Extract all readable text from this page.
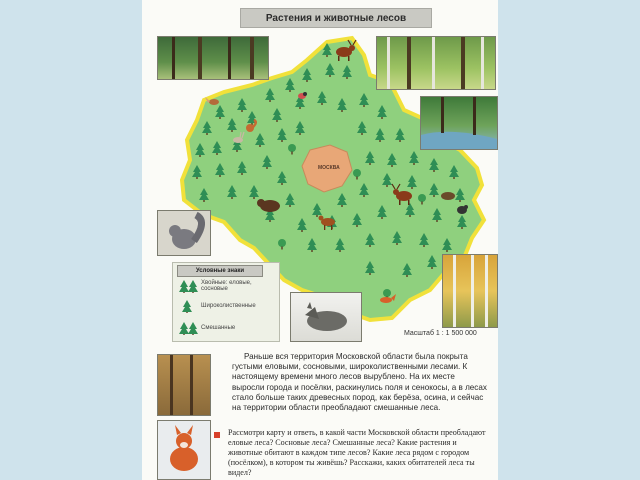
Растения и животные лесов
МОСКВА
Условные знаки
Хвойные: еловые, сосновые
Широколиственные
Смешанные
Масштаб 1 : 1 500 000
Раньше вся территория Московской области была покрыта густыми еловыми, сосновыми, широколиственными лесами. К настоящему времени много лесов вырублено. На их месте выросли города и посёлки, раскинулись поля и сенокосы, а в лесах стало больше таких древесных пород, как берёза, осина, и сейчас на территории области преобладают смешанные леса.
Рассмотри карту и ответь, в какой части Московской области преобладают еловые леса? Сосновые леса? Смешанные леса? Какие растения и животные обитают в каждом типе лесов? Какие леса рядом с городом (посёлком), в котором ты живёшь? Расскажи, каких обитателей леса ты видел?
